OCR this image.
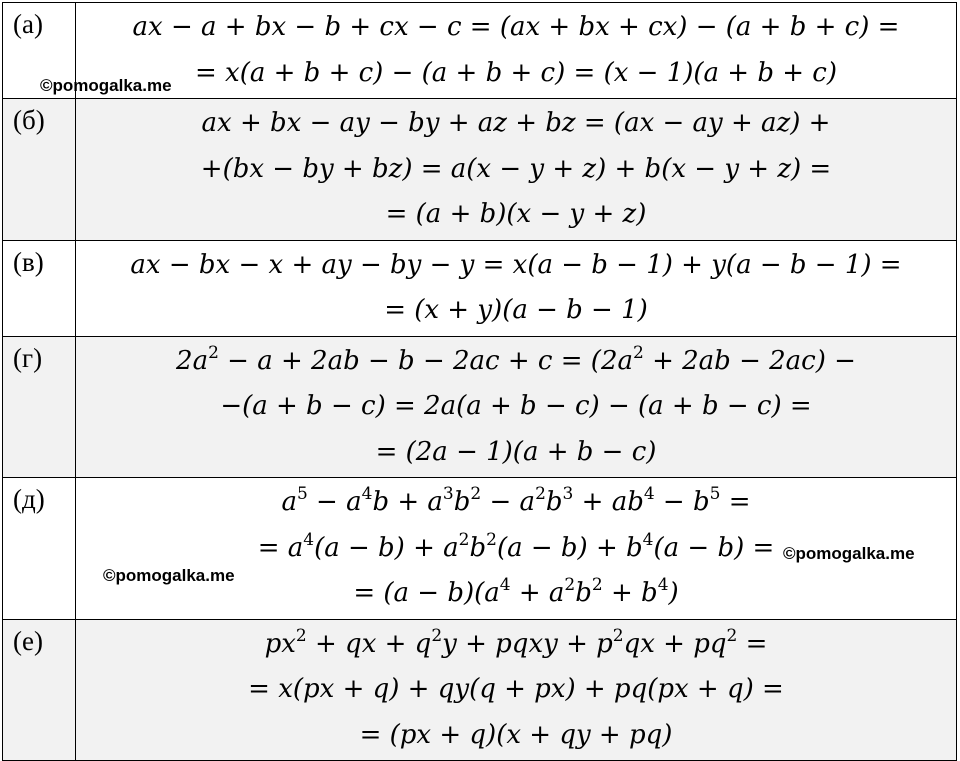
(а)	ax − a + bx − b + cx − c = (ax + bx + cx) − (a + b + c) =
= x(a + b + c) − (a + b + c) = (x − 1)(a + b + c)

(б)	ax + bx − ay − by + az + bz = (ax − ay + az) +
+(bx − by + bz) = a(x − y + z) + b(x − y + z) =
= (a + b)(x − y + z)

(в)	ax − bx − x + ay − by − y = x(a − b − 1) + y(a − b − 1) =
= (x + y)(a − b − 1)

(г)	$2a^2 - a + 2ab - b - 2ac + c = (2a^2 + 2ab - 2ac)$ −
−(a + b − c) = 2a(a + b − c) − (a + b − c) =
= (2a − 1)(a + b − c)

(д)	$a^5 - a^4b + a^3b^2 - a^2b^3 + ab^4 - b^5$ =
= $a^4(a - b) + a^2b^2(a - b) + b^4(a - b)$ =
= $(a - b)(a^4 + a^2b^2 + b^4)$

(е)	$px^2$ + qx + $q^2y$ + pqxy + $p^2qx + pq^2$ =
= x(px + q) + qy(q + px) + pq(px + q) =
= (px + q)(x + qy + pq)
©pomogalka.me
©pomogalka.me
©pomogalka.me
